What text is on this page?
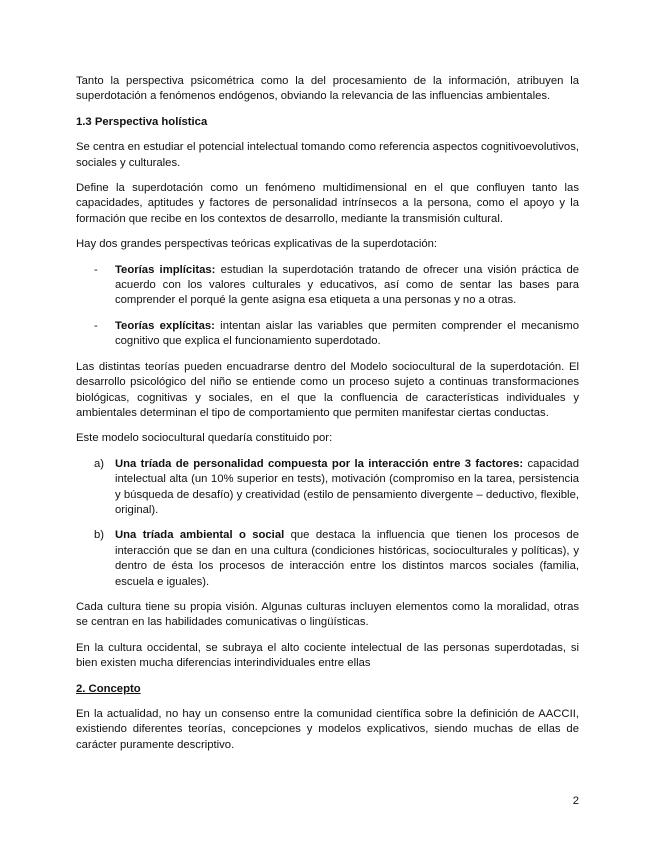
Tanto la perspectiva psicométrica como la del procesamiento de la información, atribuyen la superdotación a fenómenos endógenos, obviando la relevancia de las influencias ambientales.

1.3 Perspectiva holística

Se centra en estudiar el potencial intelectual tomando como referencia aspectos cognitivoevolutivos, sociales y culturales.

Define la superdotación como un fenómeno multidimensional en el que confluyen tanto las capacidades, aptitudes y factores de personalidad intrínsecos a la persona, como el apoyo y la formación que recibe en los contextos de desarrollo, mediante la transmisión cultural.

Hay dos grandes perspectivas teóricas explicativas de la superdotación:

- Teorías implícitas: estudian la superdotación tratando de ofrecer una visión práctica de acuerdo con los valores culturales y educativos, así como de sentar las bases para comprender el porqué la gente asigna esa etiqueta a una personas y no a otras.
- Teorías explícitas: intentan aislar las variables que permiten comprender el mecanismo cognitivo que explica el funcionamiento superdotado.

Las distintas teorías pueden encuadrarse dentro del Modelo sociocultural de la superdotación. El desarrollo psicológico del niño se entiende como un proceso sujeto a continuas transformaciones biológicas, cognitivas y sociales, en el que la confluencia de características individuales y ambientales determinan el tipo de comportamiento que permiten manifestar ciertas conductas.

Este modelo sociocultural quedaría constituido por:

a) Una tríada de personalidad compuesta por la interacción entre 3 factores: capacidad intelectual alta (un 10% superior en tests), motivación (compromiso en la tarea, persistencia y búsqueda de desafío) y creatividad (estilo de pensamiento divergente – deductivo, flexible, original).
b) Una tríada ambiental o social que destaca la influencia que tienen los procesos de interacción que se dan en una cultura (condiciones históricas, socioculturales y políticas), y dentro de ésta los procesos de interacción entre los distintos marcos sociales (familia, escuela e iguales).

Cada cultura tiene su propia visión. Algunas culturas incluyen elementos como la moralidad, otras se centran en las habilidades comunicativas o lingüísticas.

En la cultura occidental, se subraya el alto cociente intelectual de las personas superdotadas, si bien existen mucha diferencias interindividuales entre ellas

2. Concepto

En la actualidad, no hay un consenso entre la comunidad científica sobre la definición de AACCII, existiendo diferentes teorías, concepciones y modelos explicativos, siendo muchas de ellas de carácter puramente descriptivo.

2
